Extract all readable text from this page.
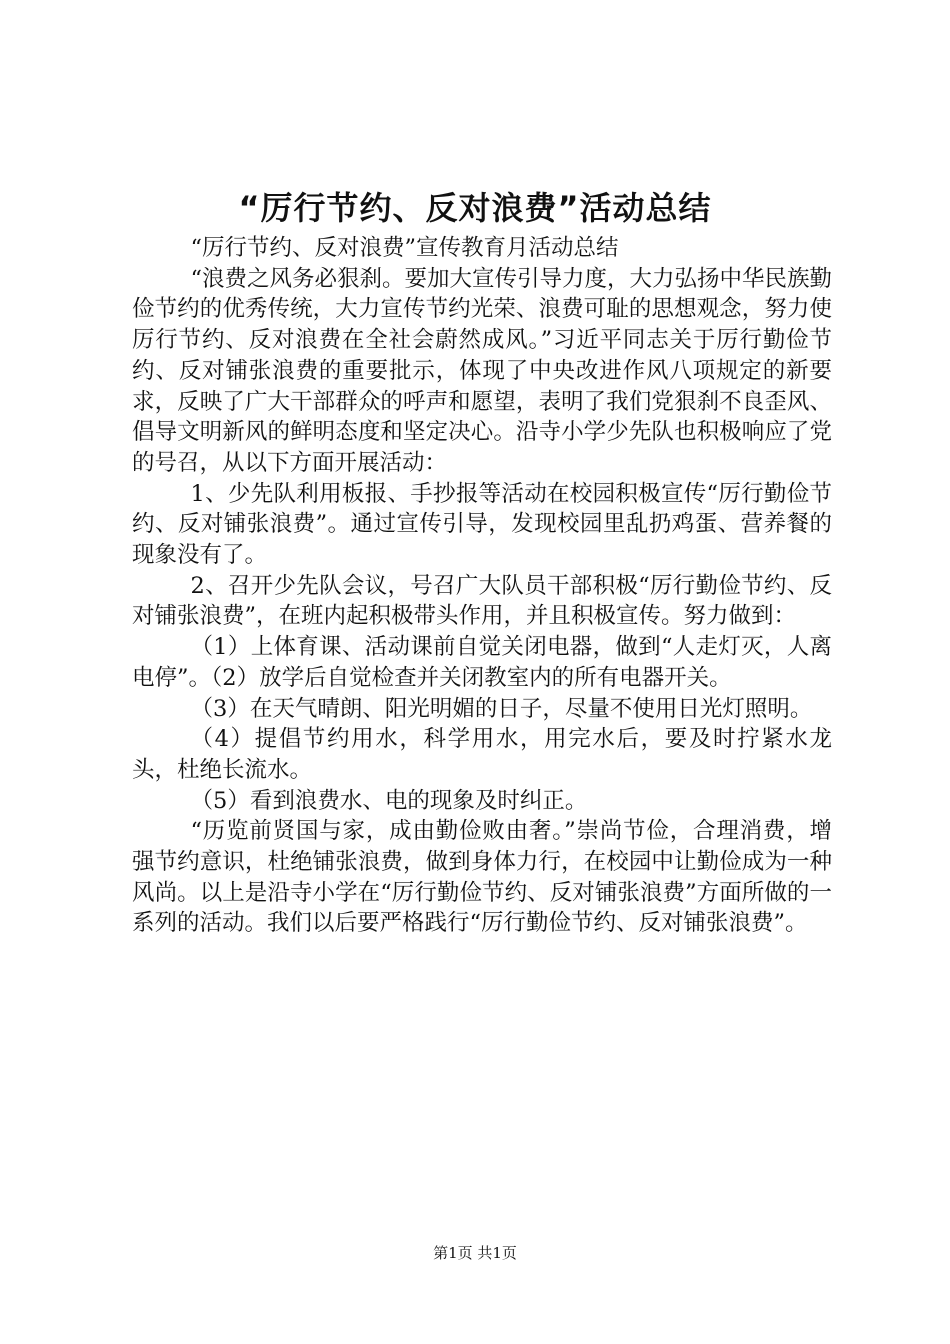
“厉行节约、反对浪费”活动总结

“厉行节约、反对浪费”宣传教育月活动总结

“浪费之风务必狠刹。要加大宣传引导力度，大力弘扬中华民族勤俭节约的优秀传统，大力宣传节约光荣、浪费可耻的思想观念，努力使厉行节约、反对浪费在全社会蔚然成风。”习近平同志关于厉行勤俭节约、反对铺张浪费的重要批示，体现了中央改进作风八项规定的新要求，反映了广大干部群众的呼声和愿望，表明了我们党狠刹不良歪风、倡导文明新风的鲜明态度和坚定决心。沿寺小学少先队也积极响应了党的号召，从以下方面开展活动：

1、少先队利用板报、手抄报等活动在校园积极宣传“厉行勤俭节约、反对铺张浪费”。通过宣传引导，发现校园里乱扔鸡蛋、营养餐的现象没有了。

2、召开少先队会议，号召广大队员干部积极“厉行勤俭节约、反对铺张浪费”，在班内起积极带头作用，并且积极宣传。努力做到：

（1）上体育课、活动课前自觉关闭电器，做到“人走灯灭，人离电停”。（2）放学后自觉检查并关闭教室内的所有电器开关。

（3）在天气晴朗、阳光明媚的日子，尽量不使用日光灯照明。

（4）提倡节约用水，科学用水，用完水后，要及时拧紧水龙头，杜绝长流水。

（5）看到浪费水、电的现象及时纠正。

“历览前贤国与家，成由勤俭败由奢。”崇尚节俭，合理消费，增强节约意识，杜绝铺张浪费，做到身体力行，在校园中让勤俭成为一种风尚。以上是沿寺小学在“厉行勤俭节约、反对铺张浪费”方面所做的一系列的活动。我们以后要严格践行“厉行勤俭节约、反对铺张浪费”。

第1页 共1页
